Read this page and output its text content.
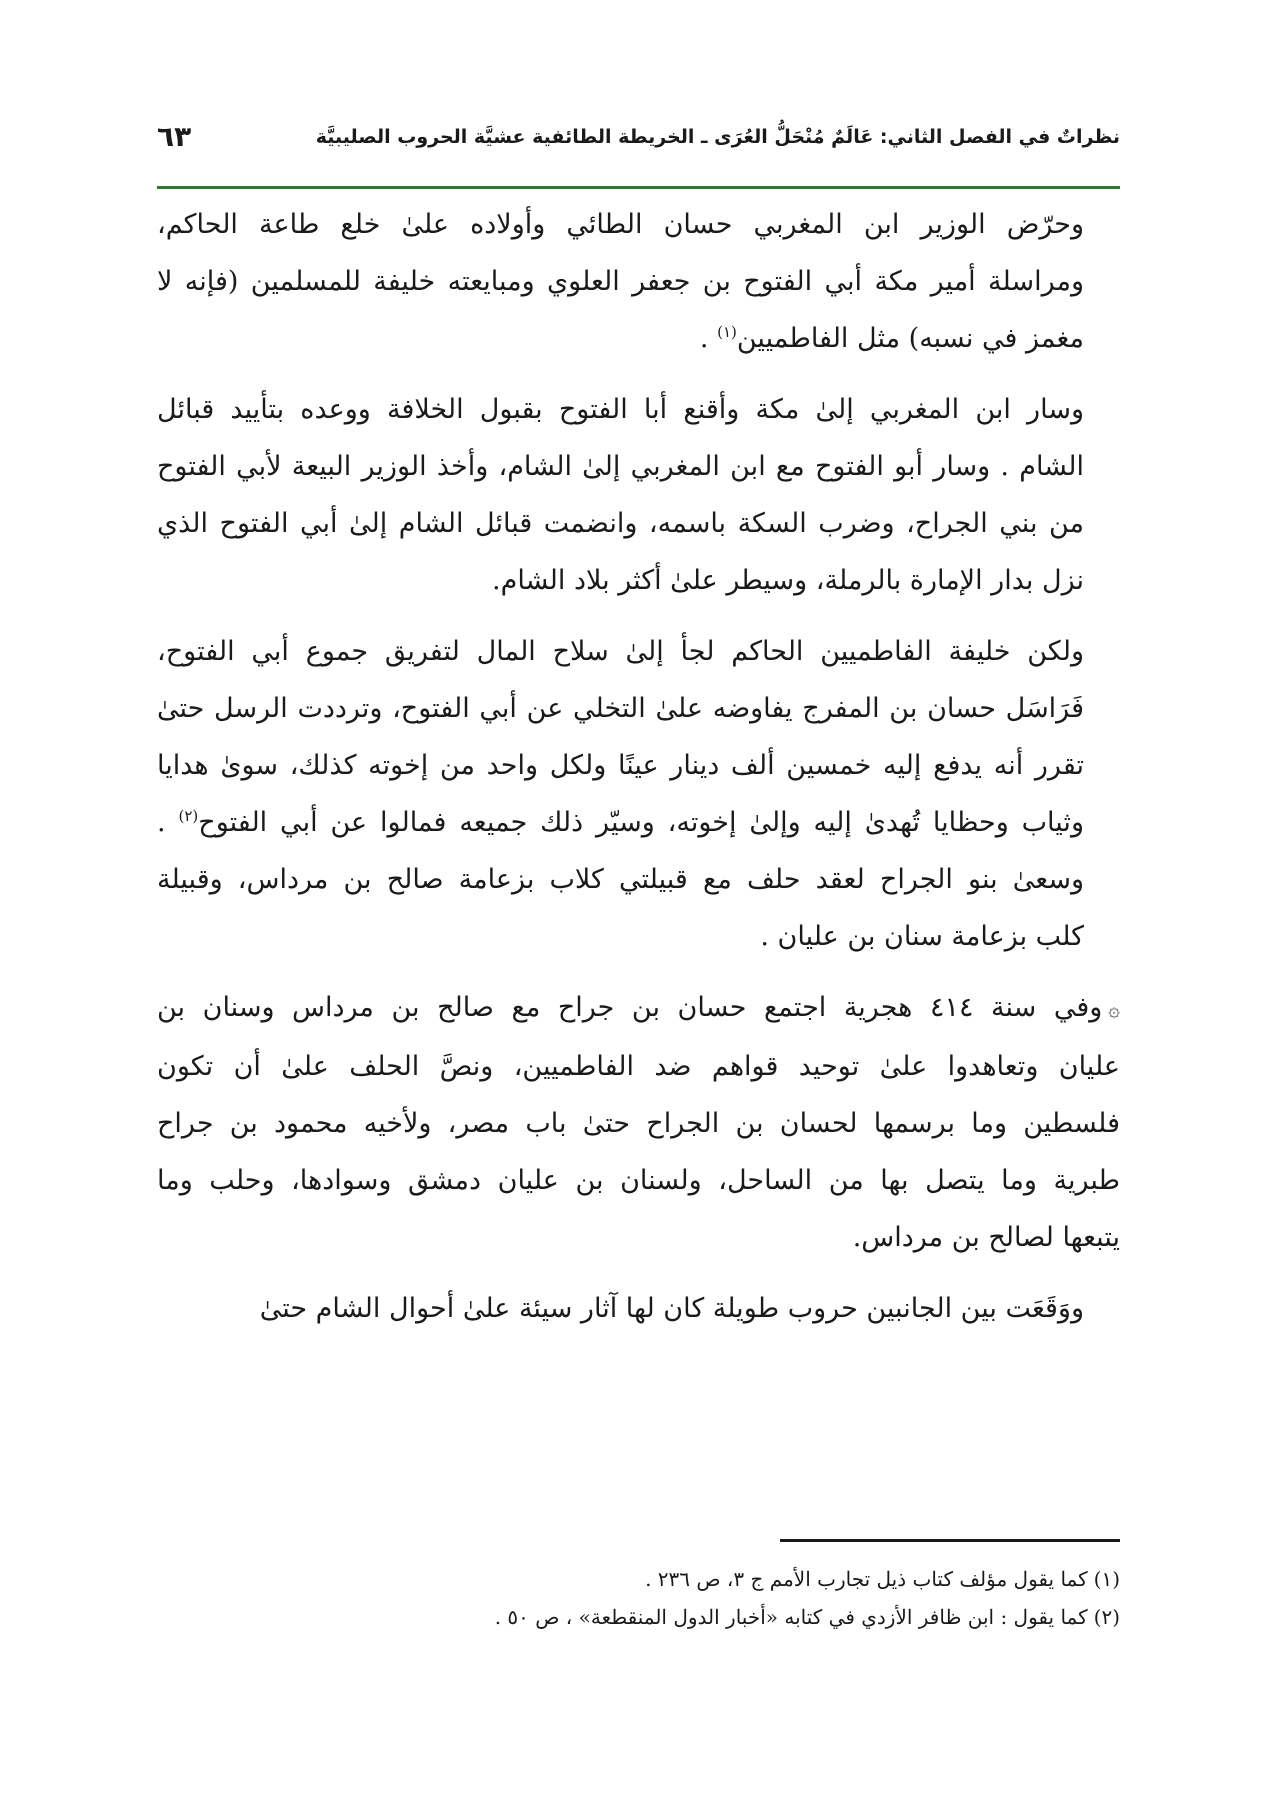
نظراتٌ في الفصل الثاني: عَالَمٌ مُنْحَلُّ العُرَى ـ الخريطة الطائفية عشيَّة الحروب الصليبيَّة
٦٣
وحرّض الوزير ابن المغربي حسان الطائي وأولاده علىٰ خلع طاعة الحاكم،
ومراسلة أمير مكة أبي الفتوح بن جعفر العلوي ومبايعته خليفة للمسلمين (فإنه لا
مغمز في نسبه) مثل الفاطميين$^{(١)}$ .
وسار ابن المغربي إلىٰ مكة وأقنع أبا الفتوح بقبول الخلافة ووعده بتأييد قبائل
الشام . وسار أبو الفتوح مع ابن المغربي إلىٰ الشام، وأخذ الوزير البيعة لأبي الفتوح
من بني الجراح، وضرب السكة باسمه، وانضمت قبائل الشام إلىٰ أبي الفتوح الذي
نزل بدار الإمارة بالرملة، وسيطر علىٰ أكثر بلاد الشام.
ولكن خليفة الفاطميين الحاكم لجأ إلىٰ سلاح المال لتفريق جموع أبي الفتوح،
فَرَاسَل حسان بن المفرج يفاوضه علىٰ التخلي عن أبي الفتوح، وترددت الرسل حتىٰ
تقرر أنه يدفع إليه خمسين ألف دينار عينًا ولكل واحد من إخوته كذلك، سوىٰ هدايا
وثياب وحظايا تُهدىٰ إليه وإلىٰ إخوته، وسيّر ذلك جميعه فمالوا عن أبي الفتوح$^{(٢)}$ .
وسعىٰ بنو الجراح لعقد حلف مع قبيلتي كلاب بزعامة صالح بن مرداس، وقبيلة
كلب بزعامة سنان بن عليان .
۞وفي سنة ٤١٤ هجرية اجتمع حسان بن جراح مع صالح بن مرداس وسنان بن
عليان وتعاهدوا علىٰ توحيد قواهم ضد الفاطميين، ونصَّ الحلف علىٰ أن تكون
فلسطين وما برسمها لحسان بن الجراح حتىٰ باب مصر، ولأخيه محمود بن جراح
طبرية وما يتصل بها من الساحل، ولسنان بن عليان دمشق وسوادها، وحلب وما
يتبعها لصالح بن مرداس.
ووَقَعَت بين الجانبين حروب طويلة كان لها آثار سيئة علىٰ أحوال الشام حتىٰ
(١)كما يقول مؤلف كتاب ذيل تجارب الأمم ج ٣، ص ٢٣٦ .
(٢)كما يقول : ابن ظافر الأزدي في كتابه «أخبار الدول المنقطعة» ، ص ٥٠ .
